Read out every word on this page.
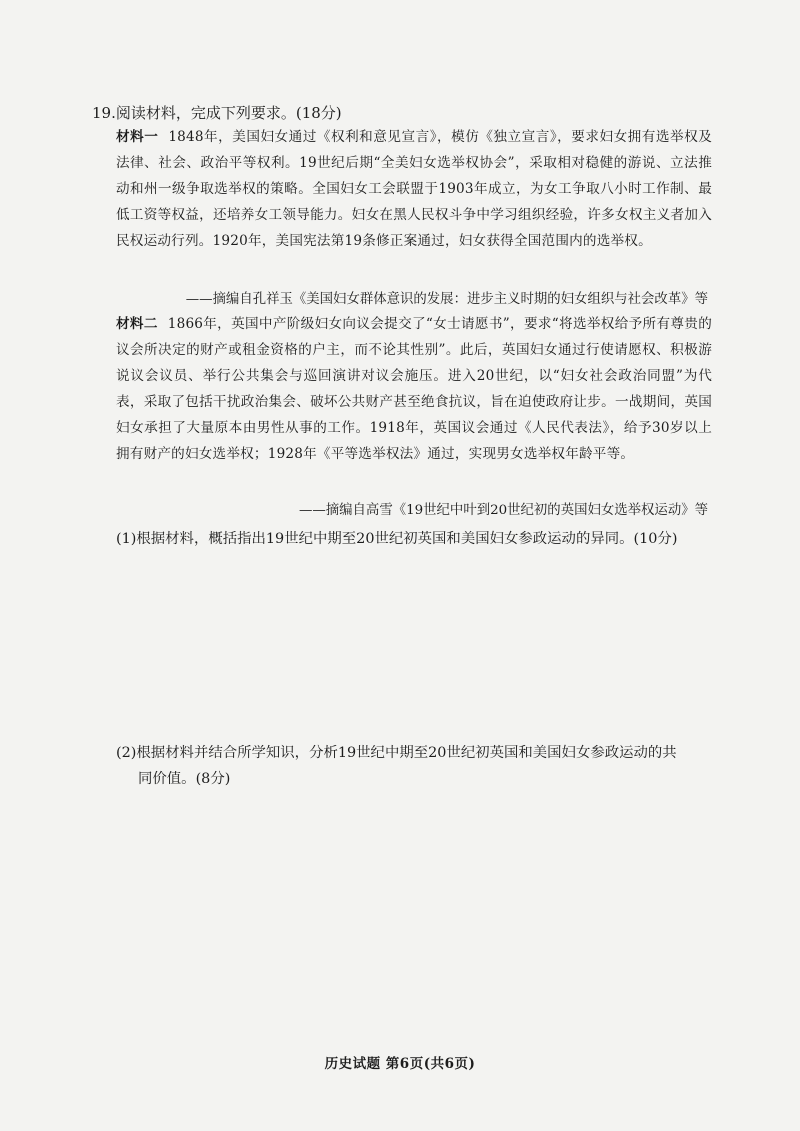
19.阅读材料，完成下列要求。(18分)
材料一 1848年，美国妇女通过《权利和意见宣言》，模仿《独立宣言》，要求妇女拥有选举权及法律、社会、政治平等权利。19世纪后期“全美妇女选举权协会”，采取相对稳健的游说、立法推动和州一级争取选举权的策略。全国妇女工会联盟于1903年成立，为女工争取八小时工作制、最低工资等权益，还培养女工领导能力。妇女在黑人民权斗争中学习组织经验，许多女权主义者加入民权运动行列。1920年，美国宪法第19条修正案通过，妇女获得全国范围内的选举权。
——摘编自孔祥玉《美国妇女群体意识的发展：进步主义时期的妇女组织与社会改革》等
材料二 1866年，英国中产阶级妇女向议会提交了“女士请愿书”，要求“将选举权给予所有尊贵的议会所决定的财产或租金资格的户主，而不论其性别”。此后，英国妇女通过行使请愿权、积极游说议会议员、举行公共集会与巡回演讲对议会施压。进入20世纪，以“妇女社会政治同盟”为代表，采取了包括干扰政治集会、破坏公共财产甚至绝食抗议，旨在迫使政府让步。一战期间，英国妇女承担了大量原本由男性从事的工作。1918年，英国议会通过《人民代表法》，给予30岁以上拥有财产的妇女选举权；1928年《平等选举权法》通过，实现男女选举权年龄平等。
——摘编自高雪《19世纪中叶到20世纪初的英国妇女选举权运动》等
(1)根据材料，概括指出19世纪中期至20世纪初英国和美国妇女参政运动的异同。(10分)
(2)根据材料并结合所学知识，分析19世纪中期至20世纪初英国和美国妇女参政运动的共
同价值。(8分)
历史试题 第6页(共6页)
